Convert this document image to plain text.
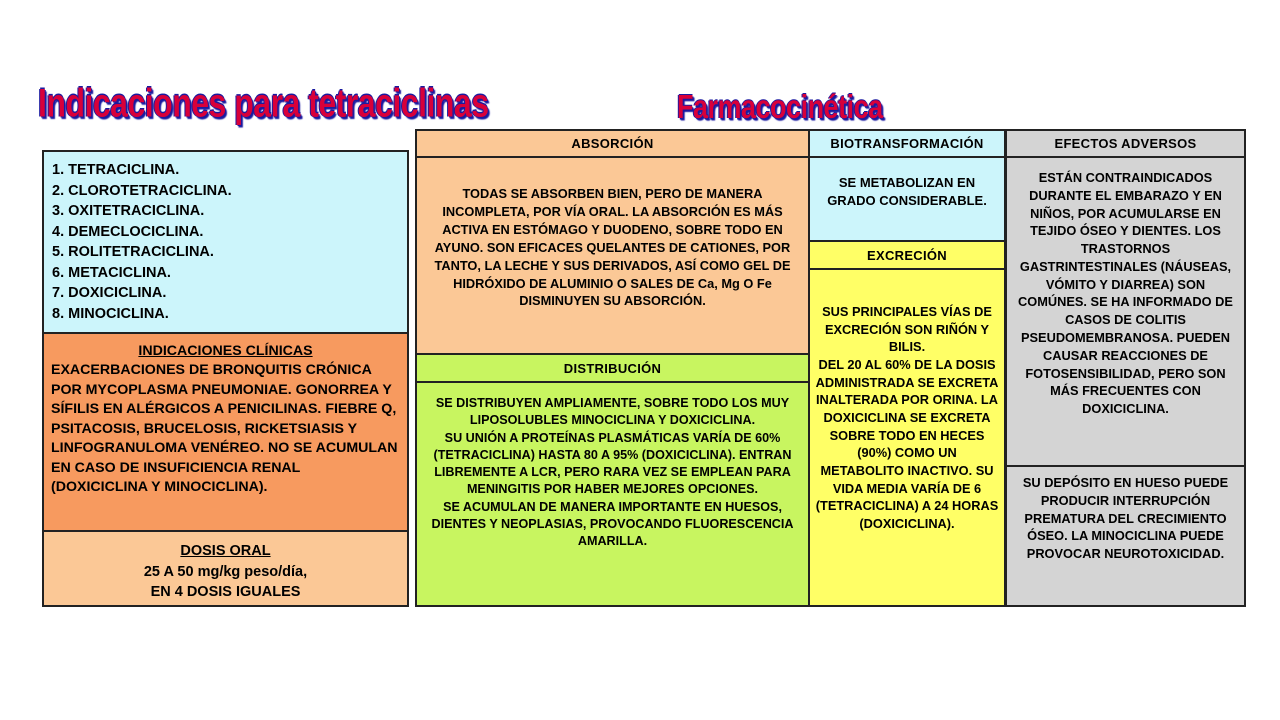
Indicaciones para tetraciclinas	Farmacocinética
1. TETRACICLINA.
2. CLOROTETRACICLINA.
3. OXITETRACICLINA.
4. DEMECLOCICLINA.
5. ROLITETRACICLINA.
6. METACICLINA.
7. DOXICICLINA.
8. MINOCICLINA.
INDICACIONES CLÍNICAS
EXACERBACIONES DE BRONQUITIS CRÓNICA POR MYCOPLASMA PNEUMONIAE. GONORREA Y SÍFILIS EN ALÉRGICOS A PENICILINAS. FIEBRE Q, PSITACOSIS, BRUCELOSIS, RICKETSIASIS Y LINFOGRANULOMA VENÉREO. NO SE ACUMULAN EN CASO DE INSUFICIENCIA RENAL (DOXICICLINA Y MINOCICLINA).
DOSIS ORAL
25 A 50 mg/kg peso/día,
EN 4 DOSIS IGUALES
ABSORCIÓN
TODAS SE ABSORBEN BIEN, PERO DE MANERA INCOMPLETA, POR VÍA ORAL. LA ABSORCIÓN ES MÁS ACTIVA EN ESTÓMAGO Y DUODENO, SOBRE TODO EN AYUNO. SON EFICACES QUELANTES DE CATIONES, POR TANTO, LA LECHE Y SUS DERIVADOS, ASÍ COMO GEL DE HIDRÓXIDO DE ALUMINIO O SALES DE Ca, Mg O Fe DISMINUYEN SU ABSORCIÓN.
DISTRIBUCIÓN
SE DISTRIBUYEN AMPLIAMENTE, SOBRE TODO LOS MUY LIPOSOLUBLES MINOCICLINA Y DOXICICLINA.
SU UNIÓN A PROTEÍNAS PLASMÁTICAS VARÍA DE 60% (TETRACICLINA) HASTA 80 A 95% (DOXICICLINA). ENTRAN LIBREMENTE A LCR, PERO RARA VEZ SE EMPLEAN PARA MENINGITIS POR HABER MEJORES OPCIONES.
SE ACUMULAN DE MANERA IMPORTANTE EN HUESOS, DIENTES Y NEOPLASIAS, PROVOCANDO FLUORESCENCIA AMARILLA.
BIOTRANSFORMACIÓN
SE METABOLIZAN EN GRADO CONSIDERABLE.
EXCRECIÓN
SUS PRINCIPALES VÍAS DE EXCRECIÓN SON RIÑÓN Y BILIS.
DEL 20 AL 60% DE LA DOSIS ADMINISTRADA SE EXCRETA INALTERADA POR ORINA. LA DOXICICLINA SE EXCRETA SOBRE TODO EN HECES (90%) COMO UN METABOLITO INACTIVO. SU VIDA MEDIA VARÍA DE 6 (TETRACICLINA) A 24 HORAS (DOXICICLINA).
EFECTOS ADVERSOS
ESTÁN CONTRAINDICADOS DURANTE EL EMBARAZO Y EN NIÑOS, POR ACUMULARSE EN TEJIDO ÓSEO Y DIENTES. LOS TRASTORNOS GASTRINTESTINALES (NÁUSEAS, VÓMITO Y DIARREA) SON COMÚNES. SE HA INFORMADO DE CASOS DE COLITIS PSEUDOMEMBRANOSA. PUEDEN CAUSAR REACCIONES DE FOTOSENSIBILIDAD, PERO SON MÁS FRECUENTES CON DOXICICLINA.
SU DEPÓSITO EN HUESO PUEDE PRODUCIR INTERRUPCIÓN PREMATURA DEL CRECIMIENTO ÓSEO. LA MINOCICLINA PUEDE PROVOCAR NEUROTOXICIDAD.
